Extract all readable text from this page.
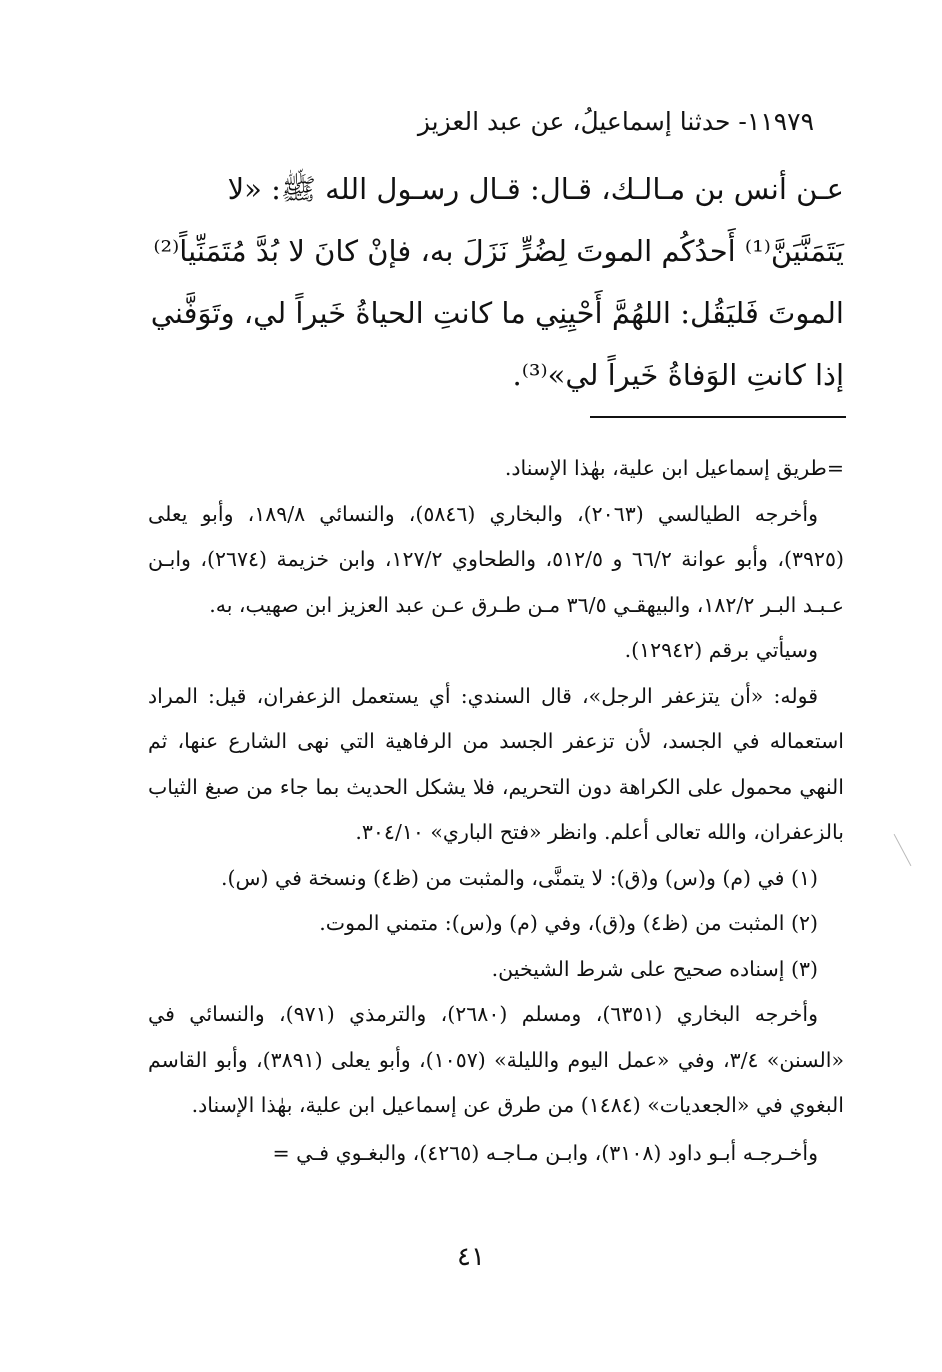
١١٩٧٩- حدثنا إسماعيلُ، عن عبد العزيز

عـن أنس بن مـالـك، قـال: قـال رسـول الله ﷺ: «لا

يَتَمَنَّيَنَّ⁽¹⁾ أَحدُكُم الموتَ لِضُرٍّ نَزَلَ به، فإنْ كانَ لا بُدَّ مُتَمَنِّياً⁽²⁾

الموتَ فَليَقُل: اللهُمَّ أَحْيِنِي ما كانتِ الحياةُ خَيراً لي، وتَوَفَّني

إذا كانتِ الوَفاةُ خَيراً لي»⁽³⁾.

=طريق إسماعيل ابن علية، بهٰذا الإسناد.

وأخرجه الطيالسي (٢٠٦٣)، والبخاري (٥٨٤٦)، والنسائي ١٨٩/٨، وأبو يعلى (٣٩٢٥)، وأبو عوانة ٦٦/٢ و ٥١٢/٥، والطحاوي ١٢٧/٢، وابن خزيمة (٢٦٧٤)، وابـن عـبـد البـر ١٨٢/٢، والبيهقـي ٣٦/٥ مـن طـرق عـن عبد العزيز ابن صهيب، به.

وسيأتي برقم (١٢٩٤٢).

قوله: «أن يتزعفر الرجل»، قال السندي: أي يستعمل الزعفران، قيل: المراد استعماله في الجسد، لأن تزعفر الجسد من الرفاهية التي نهى الشارع عنها، ثم النهي محمول على الكراهة دون التحريم، فلا يشكل الحديث بما جاء من صبغ الثياب بالزعفران، والله تعالى أعلم. وانظر «فتح الباري» ٣٠٤/١٠.

(١) في (م) و(س) و(ق): لا يتمنَّى، والمثبت من (ظ٤) ونسخة في (س).

(٢) المثبت من (ظ٤) و(ق)، وفي (م) و(س): متمني الموت.

(٣) إسناده صحيح على شرط الشيخين.

وأخرجه البخاري (٦٣٥١)، ومسلم (٢٦٨٠)، والترمذي (٩٧١)، والنسائي في «السنن» ٣/٤، وفي «عمل اليوم والليلة» (١٠٥٧)، وأبو يعلى (٣٨٩١)، وأبو القاسم البغوي في «الجعديات» (١٤٨٤) من طرق عن إسماعيل ابن علية، بهٰذا الإسناد.

وأخـرجـه أبـو داود (٣١٠٨)، وابـن مـاجـه (٤٢٦٥)، والبغـوي فـي =

٤١
